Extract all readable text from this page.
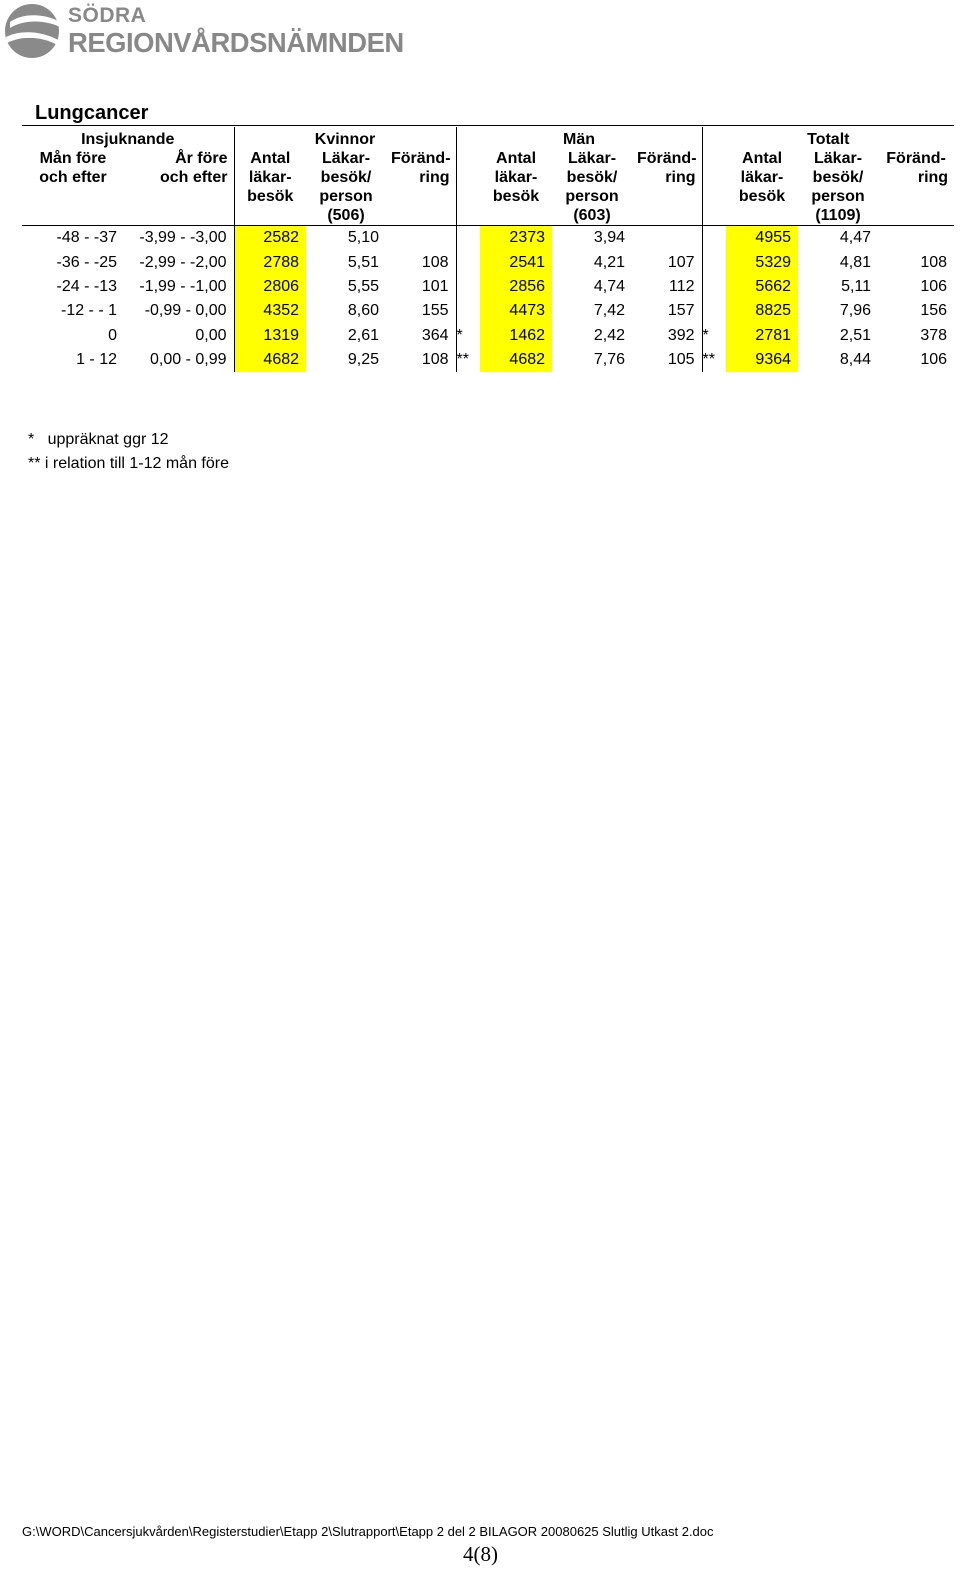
SÖDRA
REGIONVÅRDSNÄMNDEN
Lungcancer
Insjuknande		Kvinnor			Män				Totalt			

Mån före
och efter	År före
och efter	Antal
läkar-
besök	Läkar-
besök/
person
(506)	Föränd-
ring		Antal
läkar-
besök	Läkar-
besök/
person
(603)	Föränd-
ring		Antal
läkar-
besök	Läkar-
besök/
person
(1109)	Föränd-
ring

-48 - -37	-3,99 - -3,00	2582	5,10			2373	3,94			4955	4,47	
-36 - -25	-2,99 - -2,00	2788	5,51	108		2541	4,21	107		5329	4,81	108
-24 - -13	-1,99 - -1,00	2806	5,55	101		2856	4,74	112		5662	5,11	106
-12 - - 1	-0,99 - 0,00	4352	8,60	155		4473	7,42	157		8825	7,96	156
0	0,00	1319	2,61	364	*	1462	2,42	392	*	2781	2,51	378
1 - 12	0,00 - 0,99	4682	9,25	108	**	4682	7,76	105	**	9364	8,44	106
*   uppräknat ggr 12
** i relation till 1-12 mån före
G:\WORD\Cancersjukvården\Registerstudier\Etapp 2\Slutrapport\Etapp 2 del 2 BILAGOR 20080625 Slutlig Utkast 2.doc
4(8)
